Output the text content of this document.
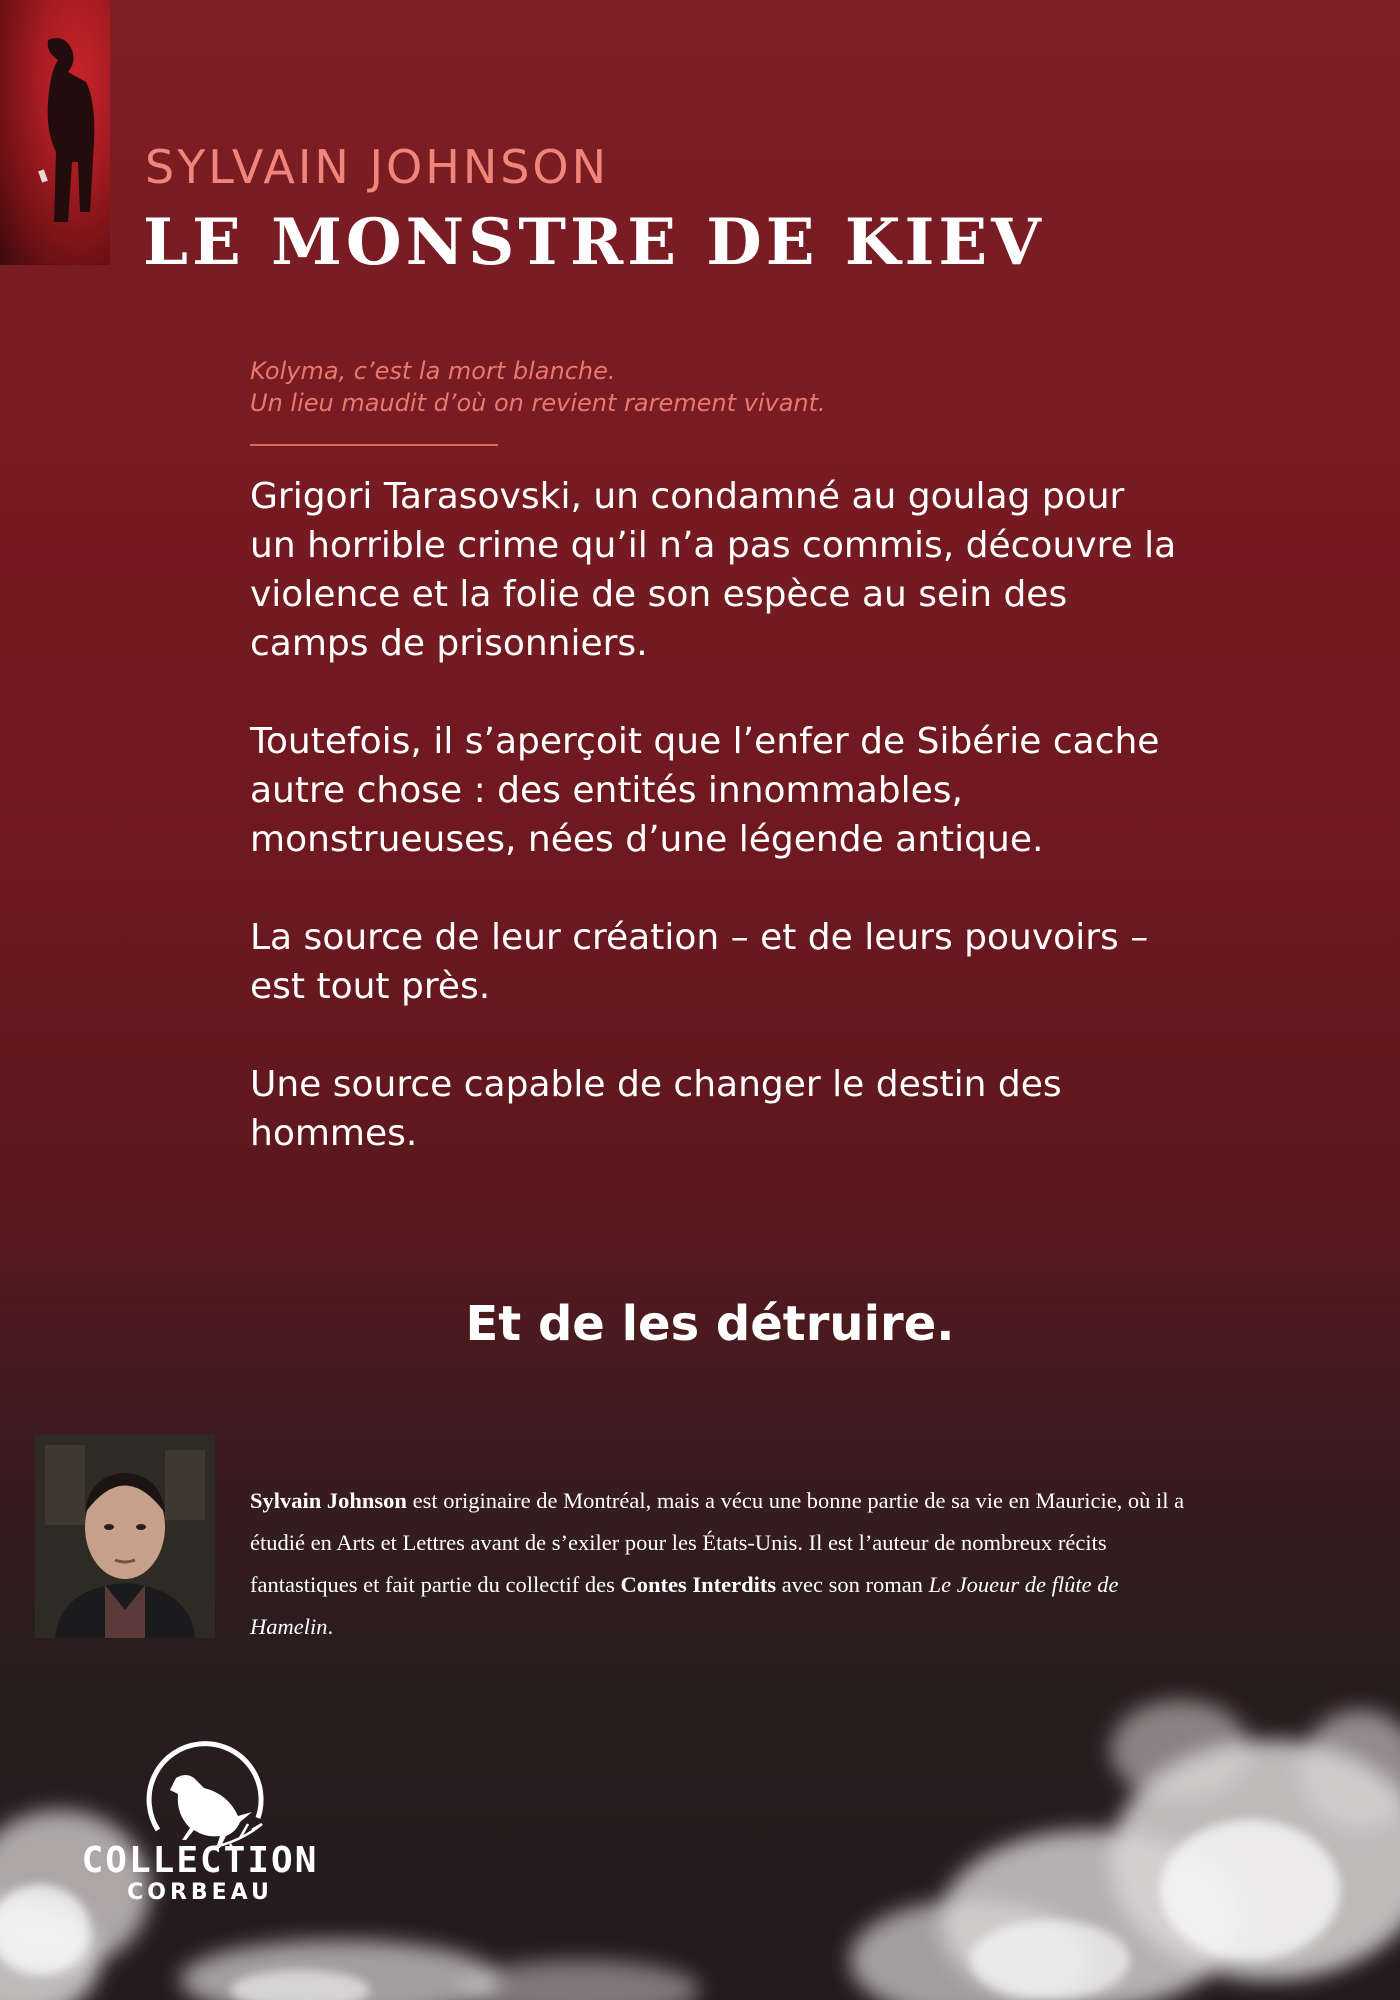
SYLVAIN JOHNSON
LE MONSTRE DE KIEV
Kolyma, c’est la mort blanche.
Un lieu maudit d’où on revient rarement vivant.

Grigori Tarasovski, un condamné au goulag pour un horrible crime qu’il n’a pas commis, découvre la violence et la folie de son espèce au sein des camps de prisonniers.

Toutefois, il s’aperçoit que l’enfer de Sibérie cache autre chose : des entités innommables, monstrueuses, nées d’une légende antique.

La source de leur création – et de leurs pouvoirs – est tout près.

Une source capable de changer le destin des hommes.

Et de les détruire.
Sylvain Johnson est originaire de Montréal, mais a vécu une bonne partie de sa vie en Mauricie, où il a étudié en Arts et Lettres avant de s’exiler pour les États-Unis. Il est l’auteur de nombreux récits fantastiques et fait partie du collectif des Contes Interdits avec son roman Le Joueur de flûte de Hamelin.
COLLECTION
CORBEAU
